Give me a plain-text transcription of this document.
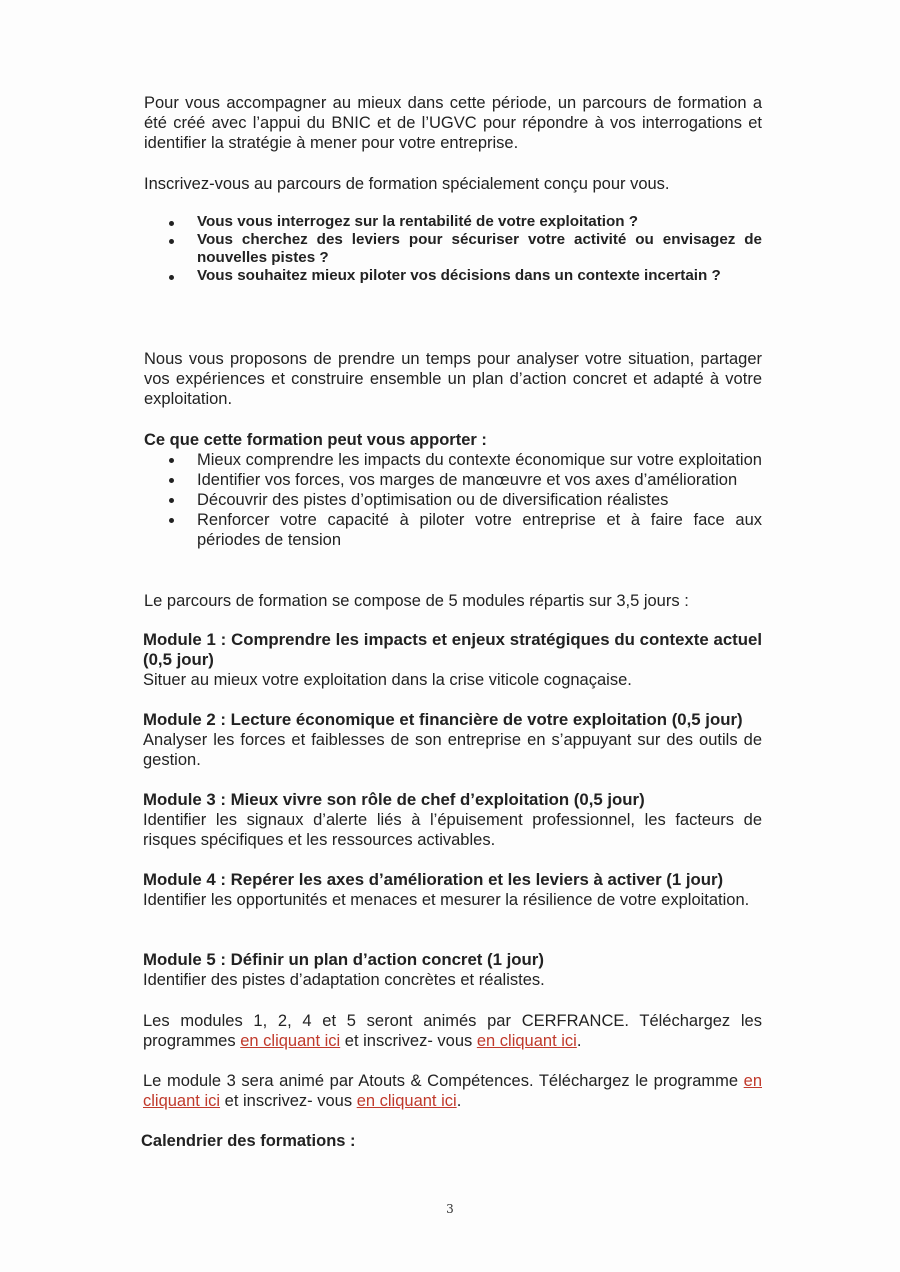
Pour vous accompagner au mieux dans cette période, un parcours de formation a été créé avec l’appui du BNIC et de l’UGVC pour répondre à vos interrogations et identifier la stratégie à mener pour votre entreprise.
Inscrivez-vous au parcours de formation spécialement conçu pour vous.
Vous vous interrogez sur la rentabilité de votre exploitation ?
Vous cherchez des leviers pour sécuriser votre activité ou envisagez de nouvelles pistes ?
Vous souhaitez mieux piloter vos décisions dans un contexte incertain ?
Nous vous proposons de prendre un temps pour analyser votre situation, partager vos expériences et construire ensemble un plan d’action concret et adapté à votre exploitation.
Ce que cette formation peut vous apporter :
Mieux comprendre les impacts du contexte économique sur votre exploitation
Identifier vos forces, vos marges de manœuvre et vos axes d’amélioration
Découvrir des pistes d’optimisation ou de diversification réalistes
Renforcer votre capacité à piloter votre entreprise et à faire face aux périodes de tension
Le parcours de formation se compose de 5 modules répartis sur 3,5 jours :
Module 1 : Comprendre les impacts et enjeux stratégiques du contexte actuel (0,5 jour)
Situer au mieux votre exploitation dans la crise viticole cognaçaise.
Module 2 : Lecture économique et financière de votre exploitation (0,5 jour)
Analyser les forces et faiblesses de son entreprise en s’appuyant sur des outils de gestion.
Module 3 : Mieux vivre son rôle de chef d’exploitation (0,5 jour)
Identifier les signaux d’alerte liés à l’épuisement professionnel, les facteurs de risques spécifiques et les ressources activables.
Module 4 : Repérer les axes d’amélioration et les leviers à activer (1 jour)
Identifier les opportunités et menaces et mesurer la résilience de votre exploitation.
Module 5 : Définir un plan d’action concret (1 jour)
Identifier des pistes d’adaptation concrètes et réalistes.
Les modules 1, 2, 4 et 5 seront animés par CERFRANCE. Téléchargez les programmes en cliquant ici et inscrivez- vous en cliquant ici.
Le module 3 sera animé par Atouts & Compétences. Téléchargez le programme en cliquant ici et inscrivez- vous en cliquant ici.
Calendrier des formations :
3
